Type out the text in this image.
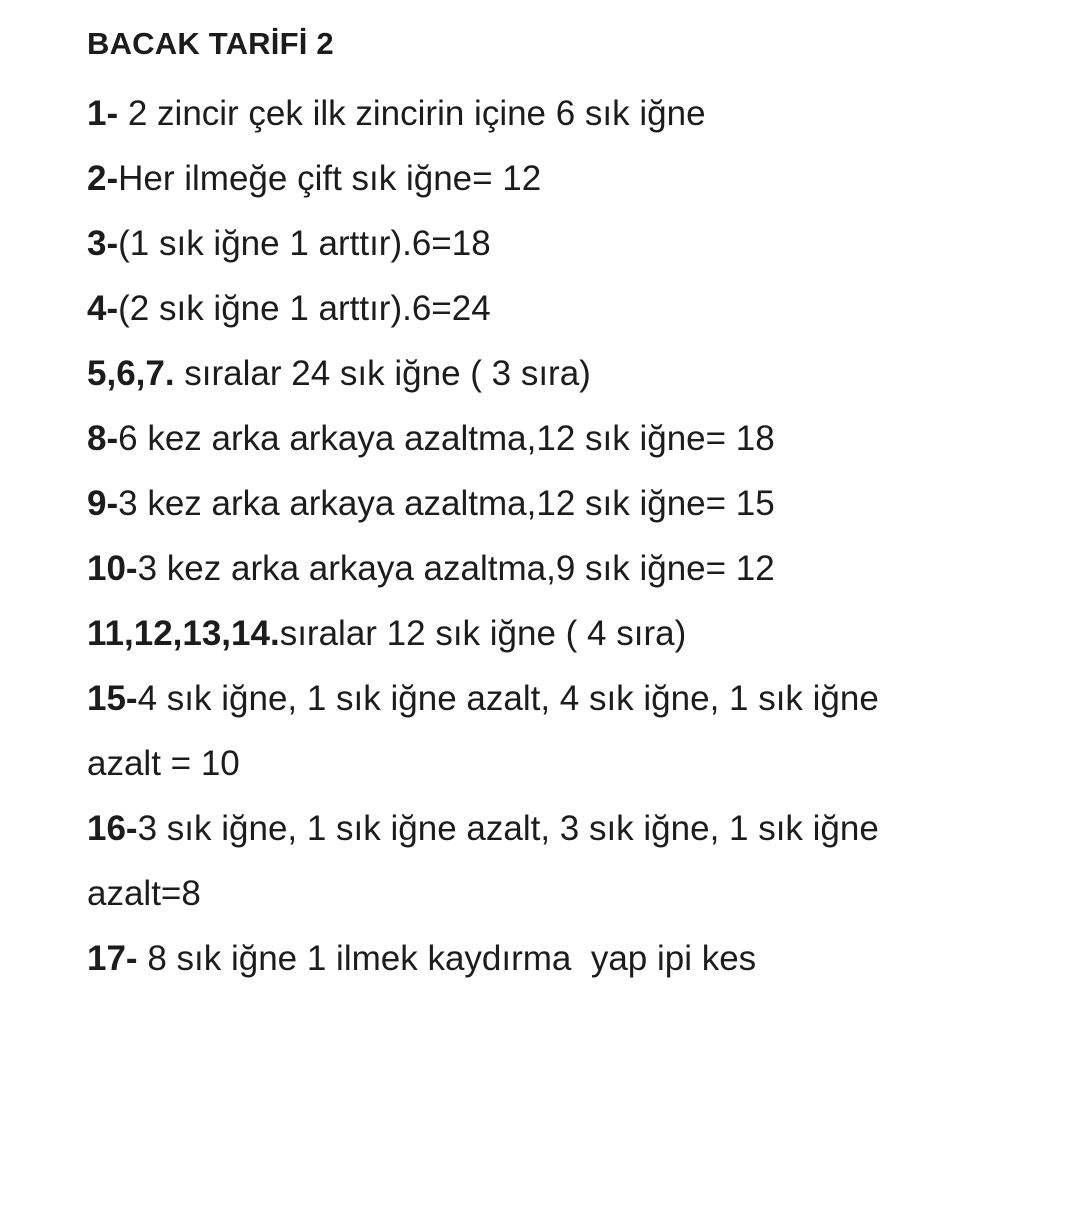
BACAK TARİFİ 2
1- 2 zincir çek ilk zincirin içine 6 sık iğne
2-Her ilmeğe çift sık iğne= 12
3-(1 sık iğne 1 arttır).6=18
4-(2 sık iğne 1 arttır).6=24
5,6,7. sıralar 24 sık iğne ( 3 sıra)
8-6 kez arka arkaya azaltma,12 sık iğne= 18
9-3 kez arka arkaya azaltma,12 sık iğne= 15
10-3 kez arka arkaya azaltma,9 sık iğne= 12
11,12,13,14.sıralar 12 sık iğne ( 4 sıra)
15-4 sık iğne, 1 sık iğne azalt, 4 sık iğne, 1 sık iğne
azalt = 10
16-3 sık iğne, 1 sık iğne azalt, 3 sık iğne, 1 sık iğne
azalt=8
17- 8 sık iğne 1 ilmek kaydırma  yap ipi kes
